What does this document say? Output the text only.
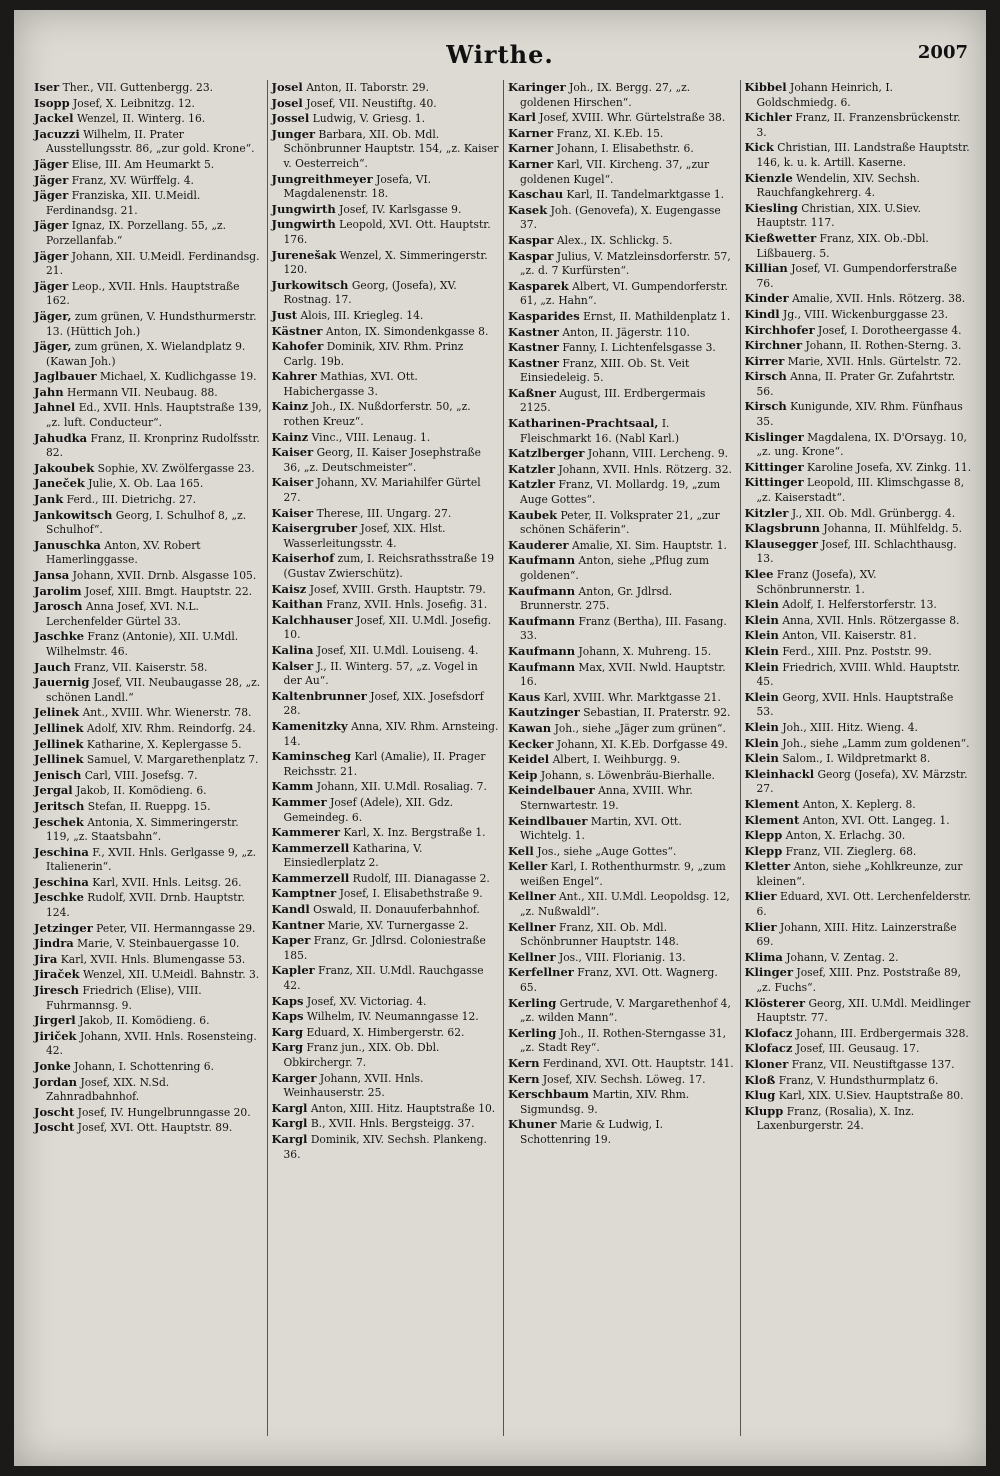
Wirthe.	2007

Iser Ther., VII. Guttenbergg. 23.

Isopp Josef, X. Leibnitzg. 12.

Jackel Wenzel, II. Winterg. 16.

Jacuzzi Wilhelm, II. Prater Ausstellungsstr. 86, „zur gold. Krone“.

Jäger Elise, III. Am Heumarkt 5.

Jäger Franz, XV. Würffelg. 4.

Jäger Franziska, XII. U.Meidl. Ferdinandsg. 21.

Jäger Ignaz, IX. Porzellang. 55, „z. Porzellanfab.“

Jäger Johann, XII. U.Meidl. Ferdinandsg. 21.

Jäger Leop., XVII. Hnls. Hauptstraße 162.

Jäger, zum grünen, V. Hundsthurmerstr. 13. (Hüttich Joh.)

Jäger, zum grünen, X. Wielandplatz 9. (Kawan Joh.)

Jaglbauer Michael, X. Kudlichgasse 19.

Jahn Hermann VII. Neubaug. 88.

Jahnel Ed., XVII. Hnls. Hauptstraße 139, „z. luft. Conducteur“.

Jahudka Franz, II. Kronprinz Rudolfsstr. 82.

Jakoubek Sophie, XV. Zwölfergasse 23.

Janeček Julie, X. Ob. Laa 165.

Jank Ferd., III. Dietrichg. 27.

Jankowitsch Georg, I. Schulhof 8, „z. Schulhof“.

Januschka Anton, XV. Robert Hamerlinggasse.

Jansa Johann, XVII. Drnb. Alsgasse 105.

Jarolim Josef, XIII. Bmgt. Hauptstr. 22.

Jarosch Anna Josef, XVI. N.L. Lerchenfelder Gürtel 33.

Jaschke Franz (Antonie), XII. U.Mdl. Wilhelmstr. 46.

Jauch Franz, VII. Kaiserstr. 58.

Jauernig Josef, VII. Neubaugasse 28, „z. schönen Landl.“

Jelinek Ant., XVIII. Whr. Wienerstr. 78.

Jellinek Adolf, XIV. Rhm. Reindorfg. 24.

Jellinek Katharine, X. Keplergasse 5.

Jellinek Samuel, V. Margarethenplatz 7.

Jenisch Carl, VIII. Josefsg. 7.

Jergal Jakob, II. Komödieng. 6.

Jeritsch Stefan, II. Rueppg. 15.

Jeschek Antonia, X. Simmeringerstr. 119, „z. Staatsbahn“.

Jeschina F., XVII. Hnls. Gerlgasse 9, „z. Italienerin“.

Jeschina Karl, XVII. Hnls. Leitsg. 26.

Jeschke Rudolf, XVII. Drnb. Hauptstr. 124.

Jetzinger Peter, VII. Hermanngasse 29.

Jindra Marie, V. Steinbauergasse 10.

Jira Karl, XVII. Hnls. Blumengasse 53.

Jiraček Wenzel, XII. U.Meidl. Bahnstr. 3.

Jiresch Friedrich (Elise), VIII. Fuhrmannsg. 9.

Jirgerl Jakob, II. Komödieng. 6.

Jiriček Johann, XVII. Hnls. Rosensteing. 42.

Jonke Johann, I. Schottenring 6.

Jordan Josef, XIX. N.Sd. Zahnradbahnhof.

Joscht Josef, IV. Hungelbrunngasse 20.

Joscht Josef, XVI. Ott. Hauptstr. 89.

Josel Anton, II. Taborstr. 29.

Josel Josef, VII. Neustiftg. 40.

Jossel Ludwig, V. Griesg. 1.

Junger Barbara, XII. Ob. Mdl. Schönbrunner Hauptstr. 154, „z. Kaiser v. Oesterreich“.

Jungreithmeyer Josefa, VI. Magdalenenstr. 18.

Jungwirth Josef, IV. Karlsgasse 9.

Jungwirth Leopold, XVI. Ott. Hauptstr. 176.

Jurenešak Wenzel, X. Simmeringerstr. 120.

Jurkowitsch Georg, (Josefa), XV. Rostnag. 17.

Just Alois, III. Kriegleg. 14.

Kästner Anton, IX. Simondenkgasse 8.

Kahofer Dominik, XIV. Rhm. Prinz Carlg. 19b.

Kahrer Mathias, XVI. Ott. Habichergasse 3.

Kainz Joh., IX. Nußdorferstr. 50, „z. rothen Kreuz“.

Kainz Vinc., VIII. Lenaug. 1.

Kaiser Georg, II. Kaiser Josephstraße 36, „z. Deutschmeister“.

Kaiser Johann, XV. Mariahilfer Gürtel 27.

Kaiser Therese, III. Ungarg. 27.

Kaisergruber Josef, XIX. Hlst. Wasserleitungsstr. 4.

Kaiserhof zum, I. Reichsrathsstraße 19 (Gustav Zwierschütz).

Kaisz Josef, XVIII. Grsth. Hauptstr. 79.

Kaithan Franz, XVII. Hnls. Josefig. 31.

Kalchhauser Josef, XII. U.Mdl. Josefig. 10.

Kalina Josef, XII. U.Mdl. Louiseng. 4.

Kalser J., II. Winterg. 57, „z. Vogel in der Au“.

Kaltenbrunner Josef, XIX. Josefsdorf 28.

Kamenitzky Anna, XIV. Rhm. Arnsteing. 14.

Kaminscheg Karl (Amalie), II. Prager Reichsstr. 21.

Kamm Johann, XII. U.Mdl. Rosaliag. 7.

Kammer Josef (Adele), XII. Gdz. Gemeindeg. 6.

Kammerer Karl, X. Inz. Bergstraße 1.

Kammerzell Katharina, V. Einsiedlerplatz 2.

Kammerzell Rudolf, III. Dianagasse 2.

Kamptner Josef, I. Elisabethstraße 9.

Kandl Oswald, II. Donauuferbahnhof.

Kantner Marie, XV. Turnergasse 2.

Kaper Franz, Gr. Jdlrsd. Coloniestraße 185.

Kapler Franz, XII. U.Mdl. Rauchgasse 42.

Kaps Josef, XV. Victoriag. 4.

Kaps Wilhelm, IV. Neumanngasse 12.

Karg Eduard, X. Himbergerstr. 62.

Karg Franz jun., XIX. Ob. Dbl. Obkirchergr. 7.

Karger Johann, XVII. Hnls. Weinhauserstr. 25.

Kargl Anton, XIII. Hitz. Hauptstraße 10.

Kargl B., XVII. Hnls. Bergsteigg. 37.

Kargl Dominik, XIV. Sechsh. Plankeng. 36.

Karinger Joh., IX. Bergg. 27, „z. goldenen Hirschen“.

Karl Josef, XVIII. Whr. Gürtelstraße 38.

Karner Franz, XI. K.Eb. 15.

Karner Johann, I. Elisabethstr. 6.

Karner Karl, VII. Kircheng. 37, „zur goldenen Kugel“.

Kaschau Karl, II. Tandelmarktgasse 1.

Kasek Joh. (Genovefa), X. Eugengasse 37.

Kaspar Alex., IX. Schlickg. 5.

Kaspar Julius, V. Matzleinsdorferstr. 57, „z. d. 7 Kurfürsten“.

Kasparek Albert, VI. Gumpendorferstr. 61, „z. Hahn“.

Kasparides Ernst, II. Mathildenplatz 1.

Kastner Anton, II. Jägerstr. 110.

Kastner Fanny, I. Lichtenfelsgasse 3.

Kastner Franz, XIII. Ob. St. Veit Einsiedeleig. 5.

Kaßner August, III. Erdbergermais 2125.

Katharinen-Prachtsaal, I. Fleischmarkt 16. (Nabl Karl.)

Katzlberger Johann, VIII. Lercheng. 9.

Katzler Johann, XVII. Hnls. Rötzerg. 32.

Katzler Franz, VI. Mollardg. 19, „zum Auge Gottes“.

Kaubek Peter, II. Volksprater 21, „zur schönen Schäferin“.

Kauderer Amalie, XI. Sim. Hauptstr. 1.

Kaufmann Anton, siehe „Pflug zum goldenen“.

Kaufmann Anton, Gr. Jdlrsd. Brunnerstr. 275.

Kaufmann Franz (Bertha), III. Fasang. 33.

Kaufmann Johann, X. Muhreng. 15.

Kaufmann Max, XVII. Nwld. Hauptstr. 16.

Kaus Karl, XVIII. Whr. Marktgasse 21.

Kautzinger Sebastian, II. Praterstr. 92.

Kawan Joh., siehe „Jäger zum grünen“.

Kecker Johann, XI. K.Eb. Dorfgasse 49.

Keidel Albert, I. Weihburgg. 9.

Keip Johann, s. Löwenbräu-Bierhalle.

Keindelbauer Anna, XVIII. Whr. Sternwartestr. 19.

Keindlbauer Martin, XVI. Ott. Wichtelg. 1.

Kell Jos., siehe „Auge Gottes“.

Keller Karl, I. Rothenthurmstr. 9, „zum weißen Engel“.

Kellner Ant., XII. U.Mdl. Leopoldsg. 12, „z. Nußwaldl“.

Kellner Franz, XII. Ob. Mdl. Schönbrunner Hauptstr. 148.

Kellner Jos., VIII. Florianig. 13.

Kerfellner Franz, XVI. Ott. Wagnerg. 65.

Kerling Gertrude, V. Margarethenhof 4, „z. wilden Mann“.

Kerling Joh., II. Rothen-Sterngasse 31, „z. Stadt Rey“.

Kern Ferdinand, XVI. Ott. Hauptstr. 141.

Kern Josef, XIV. Sechsh. Löweg. 17.

Kerschbaum Martin, XIV. Rhm. Sigmundsg. 9.

Khuner Marie & Ludwig, I. Schottenring 19.

Kibbel Johann Heinrich, I. Goldschmiedg. 6.

Kichler Franz, II. Franzensbrückenstr. 3.

Kick Christian, III. Landstraße Hauptstr. 146, k. u. k. Artill. Kaserne.

Kienzle Wendelin, XIV. Sechsh. Rauchfangkehrerg. 4.

Kiesling Christian, XIX. U.Siev. Hauptstr. 117.

Kießwetter Franz, XIX. Ob.-Dbl. Lißbauerg. 5.

Killian Josef, VI. Gumpendorferstraße 76.

Kinder Amalie, XVII. Hnls. Rötzerg. 38.

Kindl Jg., VIII. Wickenburggasse 23.

Kirchhofer Josef, I. Dorotheergasse 4.

Kirchner Johann, II. Rothen-Sterng. 3.

Kirrer Marie, XVII. Hnls. Gürtelstr. 72.

Kirsch Anna, II. Prater Gr. Zufahrtstr. 56.

Kirsch Kunigunde, XIV. Rhm. Fünfhaus 35.

Kislinger Magdalena, IX. D'Orsayg. 10, „z. ung. Krone“.

Kittinger Karoline Josefa, XV. Zinkg. 11.

Kittinger Leopold, III. Klimschgasse 8, „z. Kaiserstadt“.

Kitzler J., XII. Ob. Mdl. Grünbergg. 4.

Klagsbrunn Johanna, II. Mühlfeldg. 5.

Klausegger Josef, III. Schlachthausg. 13.

Klee Franz (Josefa), XV. Schönbrunnerstr. 1.

Klein Adolf, I. Helferstorferstr. 13.

Klein Anna, XVII. Hnls. Rötzergasse 8.

Klein Anton, VII. Kaiserstr. 81.

Klein Ferd., XIII. Pnz. Poststr. 99.

Klein Friedrich, XVIII. Whld. Hauptstr. 45.

Klein Georg, XVII. Hnls. Hauptstraße 53.

Klein Joh., XIII. Hitz. Wieng. 4.

Klein Joh., siehe „Lamm zum goldenen“.

Klein Salom., I. Wildpretmarkt 8.

Kleinhackl Georg (Josefa), XV. Märzstr. 27.

Klement Anton, X. Keplerg. 8.

Klement Anton, XVI. Ott. Langeg. 1.

Klepp Anton, X. Erlachg. 30.

Klepp Franz, VII. Zieglerg. 68.

Kletter Anton, siehe „Kohlkreunze, zur kleinen“.

Klier Eduard, XVI. Ott. Lerchenfelderstr. 6.

Klier Johann, XIII. Hitz. Lainzerstraße 69.

Klima Johann, V. Zentag. 2.

Klinger Josef, XIII. Pnz. Poststraße 89, „z. Fuchs“.

Klösterer Georg, XII. U.Mdl. Meidlinger Hauptstr. 77.

Klofacz Johann, III. Erdbergermais 328.

Klofacz Josef, III. Geusaug. 17.

Kloner Franz, VII. Neustiftgasse 137.

Kloß Franz, V. Hundsthurmplatz 6.

Klug Karl, XIX. U.Siev. Hauptstraße 80.

Klupp Franz, (Rosalia), X. Inz. Laxenburgerstr. 24.
